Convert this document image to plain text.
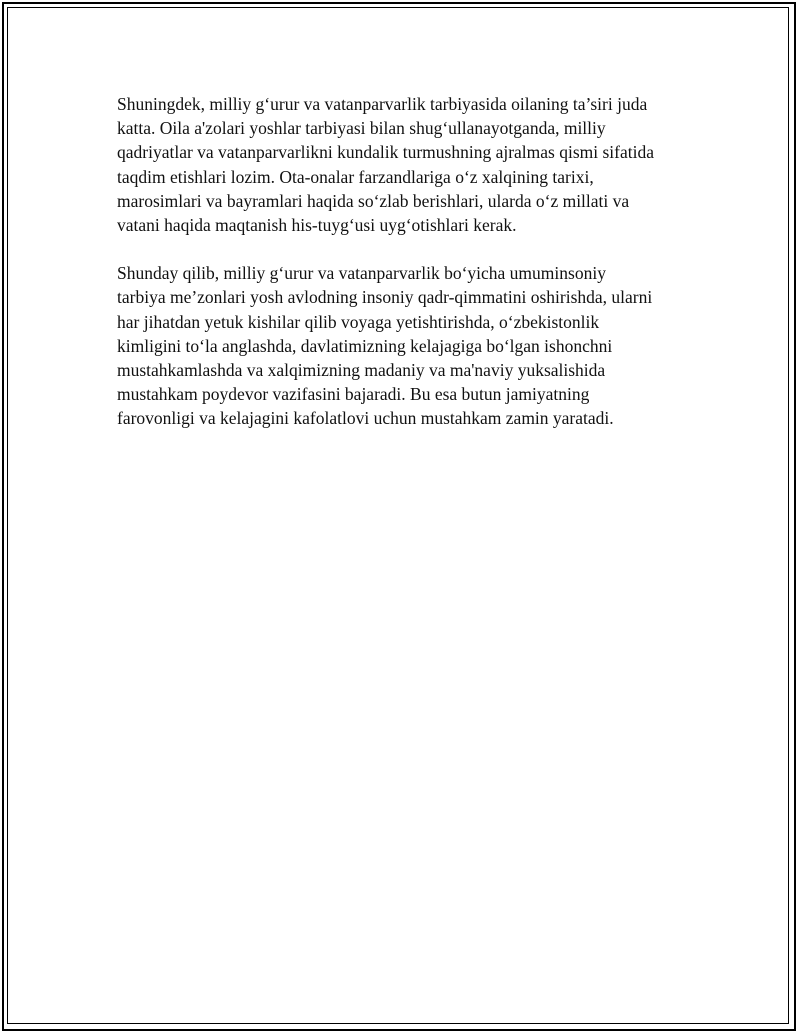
Shuningdek, milliy g‘urur va vatanparvarlik tarbiyasida oilaning ta’siri juda
katta. Oila a'zolari yoshlar tarbiyasi bilan shug‘ullanayotganda, milliy
qadriyatlar va vatanparvarlikni kundalik turmushning ajralmas qismi sifatida
taqdim etishlari lozim. Ota-onalar farzandlariga o‘z xalqining tarixi,
marosimlari va bayramlari haqida so‘zlab berishlari, ularda o‘z millati va
vatani haqida maqtanish his-tuyg‘usi uyg‘otishlari kerak.

Shunday qilib, milliy g‘urur va vatanparvarlik bo‘yicha umuminsoniy
tarbiya me’zonlari yosh avlodning insoniy qadr-qimmatini oshirishda, ularni
har jihatdan yetuk kishilar qilib voyaga yetishtirishda, o‘zbekistonlik
kimligini to‘la anglashda, davlatimizning kelajagiga bo‘lgan ishonchni
mustahkamlashda va xalqimizning madaniy va ma'naviy yuksalishida
mustahkam poydevor vazifasini bajaradi. Bu esa butun jamiyatning
farovonligi va kelajagini kafolatlovi uchun mustahkam zamin yaratadi.
